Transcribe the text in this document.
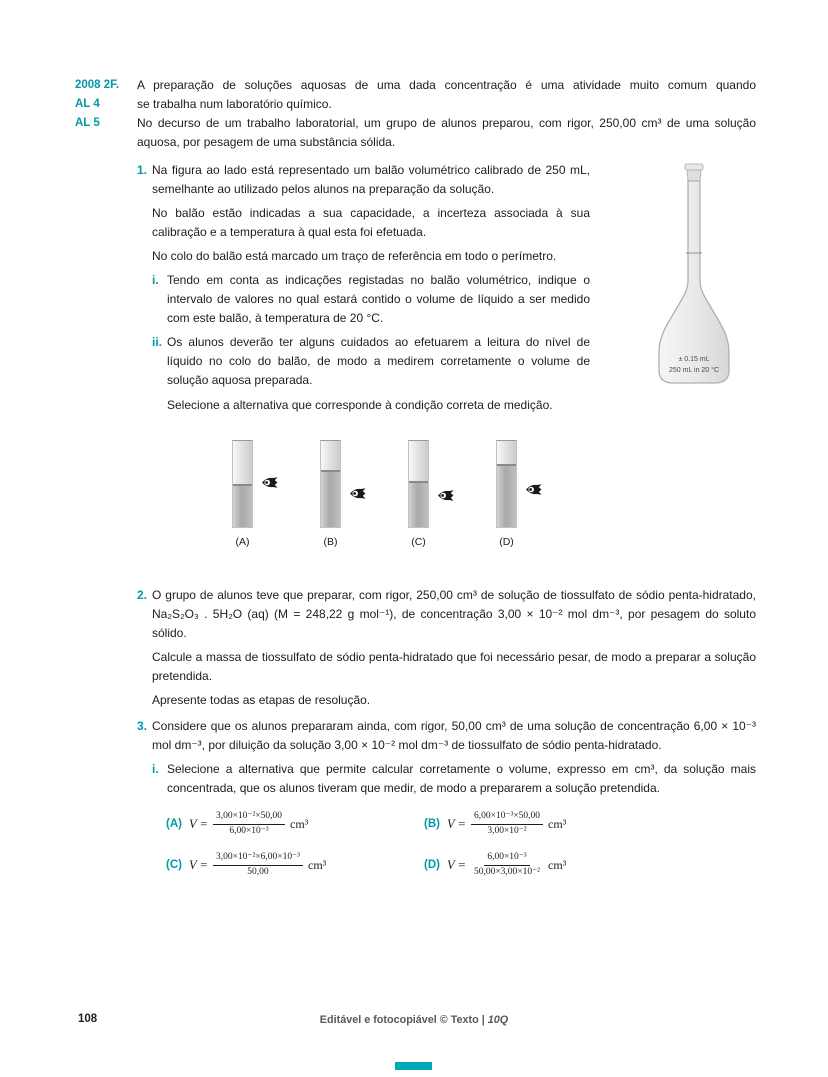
2008 2F.	A preparação de soluções aquosas de uma dada concentração é uma atividade muito comum quando
AL 4	se trabalha num laboratório químico.
AL 5	No decurso de um trabalho laboratorial, um grupo de alunos preparou, com rigor, 250,00 cm³ de uma solução aquosa, por pesagem de uma substância sólida.
1. Na figura ao lado está representado um balão volumétrico calibrado de 250 mL, semelhante ao utilizado pelos alunos na preparação da solução.

No balão estão indicadas a sua capacidade, a incerteza associada à sua calibração e a temperatura à qual esta foi efetuada.

No colo do balão está marcado um traço de referência em todo o perímetro.

i. Tendo em conta as indicações registadas no balão volumétrico, indique o intervalo de valores no qual estará contido o volume de líquido a ser medido com este balão, à temperatura de 20 °C.
ii. Os alunos deverão ter alguns cuidados ao efetuarem a leitura do nível de líquido no colo do balão, de modo a medirem corretamente o volume de solução aquosa preparada.

Selecione a alternativa que corresponde à condição correta de medição.

(A)	(B)	(C)	(D)
2. O grupo de alunos teve que preparar, com rigor, 250,00 cm³ de solução de tiossulfato de sódio penta-hidratado, Na₂S₂O₃ . 5H₂O (aq) (M = 248,22 g mol⁻¹), de concentração 3,00 × 10⁻² mol dm⁻³, por pesagem do soluto sólido.

Calcule a massa de tiossulfato de sódio penta-hidratado que foi necessário pesar, de modo a preparar a solução pretendida.

Apresente todas as etapas de resolução.

3. Considere que os alunos prepararam ainda, com rigor, 50,00 cm³ de uma solução de concentração 6,00 × 10⁻³ mol dm⁻³, por diluição da solução 3,00 × 10⁻² mol dm⁻³ de tiossulfato de sódio penta-hidratado.

i. Selecione a alternativa que permite calcular corretamente o volume, expresso em cm³, da solução mais concentrada, que os alunos tiveram que medir, de modo a prepararem a solução pretendida.
(A) $V = \frac{\text{3,00×10⁻²×50,00}}{\text{6,00×10⁻³}} cm^3$	(B) $V = \frac{\text{6,00×10⁻³×50,00}}{\text{3,00×10⁻²}} cm^3$
(C) $V = \frac{\text{3,00×10⁻²×6,00×10⁻³}}{50,00} cm^3$	(D) $V = \frac{\text{6,00×10⁻³}}{\text{50,00×3,00×10⁻²}} cm^3$
± 0.15 mL
250 mL in 20 °C
108	Editável e fotocopiável © Texto | 10Q
